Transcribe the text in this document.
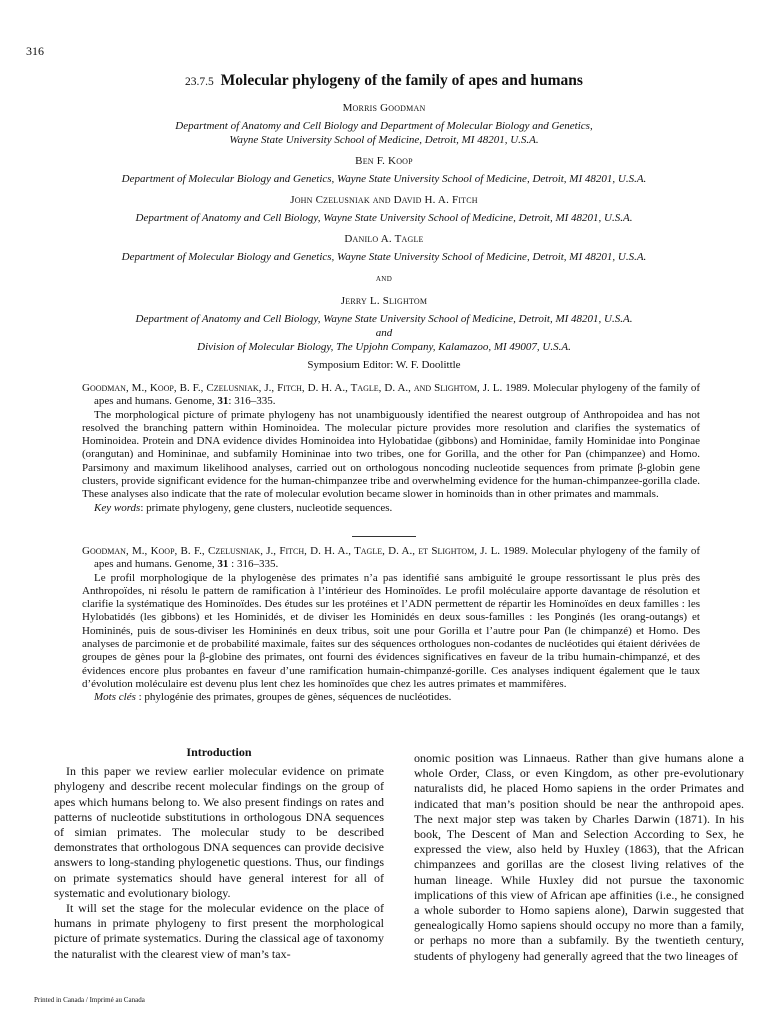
316
23.7.5 Molecular phylogeny of the family of apes and humans
Morris Goodman
Department of Anatomy and Cell Biology and Department of Molecular Biology and Genetics,
Wayne State University School of Medicine, Detroit, MI 48201, U.S.A.
Ben F. Koop
Department of Molecular Biology and Genetics, Wayne State University School of Medicine, Detroit, MI 48201, U.S.A.
John Czelusniak and David H. A. Fitch
Department of Anatomy and Cell Biology, Wayne State University School of Medicine, Detroit, MI 48201, U.S.A.
Danilo A. Tagle
Department of Molecular Biology and Genetics, Wayne State University School of Medicine, Detroit, MI 48201, U.S.A.
and
Jerry L. Slightom
Department of Anatomy and Cell Biology, Wayne State University School of Medicine, Detroit, MI 48201, U.S.A.
and
Division of Molecular Biology, The Upjohn Company, Kalamazoo, MI 49007, U.S.A.
Symposium Editor: W. F. Doolittle

Goodman, M., Koop, B. F., Czelusniak, J., Fitch, D. H. A., Tagle, D. A., and Slightom, J. L. 1989. Molecular phylogeny of the family of apes and humans. Genome, 31: 316–335.

The morphological picture of primate phylogeny has not unambiguously identified the nearest outgroup of Anthropoidea and has not resolved the branching pattern within Hominoidea. The molecular picture provides more resolution and clarifies the systematics of Hominoidea. Protein and DNA evidence divides Hominoidea into Hylobatidae (gibbons) and Hominidae, family Hominidae into Ponginae (orangutan) and Homininae, and subfamily Homininae into two tribes, one for Gorilla, and the other for Pan (chimpanzee) and Homo. Parsimony and maximum likelihood analyses, carried out on orthologous noncoding nucleotide sequences from primate β-globin gene clusters, provide significant evidence for the human-chimpanzee tribe and overwhelming evidence for the human-chimpanzee-gorilla clade. These analyses also indicate that the rate of molecular evolution became slower in hominoids than in other primates and mammals.

Key words: primate phylogeny, gene clusters, nucleotide sequences.

Goodman, M., Koop, B. F., Czelusniak, J., Fitch, D. H. A., Tagle, D. A., et Slightom, J. L. 1989. Molecular phylogeny of the family of apes and humans. Genome, 31 : 316–335.

Le profil morphologique de la phylogenèse des primates n’a pas identifié sans ambiguité le groupe ressortissant le plus près des Anthropoïdes, ni résolu le pattern de ramification à l’intérieur des Hominoïdes. Le profil moléculaire apporte davantage de résolution et clarifie la systématique des Hominoïdes. Des études sur les protéines et l’ADN permettent de répartir les Hominoïdes en deux familles : les Hylobatidés (les gibbons) et les Hominidés, et de diviser les Hominidés en deux sous-familles : les Ponginés (les orang-outangs) et Homininés, puis de sous-diviser les Homininés en deux tribus, soit une pour Gorilla et l’autre pour Pan (le chimpanzé) et Homo. Des analyses de parcimonie et de probabilité maximale, faites sur des séquences orthologues non-codantes de nucléotides qui étaient dérivées de groupes de gènes pour la β-globine des primates, ont fourni des évidences significatives en faveur de la tribu humain-chimpanzé, et des évidences encore plus probantes en faveur d’une ramification humain-chimpanzé-gorille. Ces analyses indiquent également que le taux d’évolution moléculaire est devenu plus lent chez les hominoïdes que chez les autres primates et mammifères.

Mots clés : phylogénie des primates, groupes de gènes, séquences de nucléotides.

Introduction

In this paper we review earlier molecular evidence on primate phylogeny and describe recent molecular findings on the group of apes which humans belong to. We also present findings on rates and patterns of nucleotide substitutions in orthologous DNA sequences of simian primates. The molecular study to be described demonstrates that orthologous DNA sequences can provide decisive answers to long-standing phylogenetic questions. Thus, our findings on primate systematics should have general interest for all of systematic and evolutionary biology.

It will set the stage for the molecular evidence on the place of humans in primate phylogeny to first present the morphological picture of primate systematics. During the classical age of taxonomy the naturalist with the clearest view of man’s tax-

onomic position was Linnaeus. Rather than give humans alone a whole Order, Class, or even Kingdom, as other pre-evolutionary naturalists did, he placed Homo sapiens in the order Primates and indicated that man’s position should be near the anthropoid apes. The next major step was taken by Charles Darwin (1871). In his book, The Descent of Man and Selection According to Sex, he expressed the view, also held by Huxley (1863), that the African chimpanzees and gorillas are the closest living relatives of the human lineage. While Huxley did not pursue the taxonomic implications of this view of African ape affinities (i.e., he consigned a whole suborder to Homo sapiens alone), Darwin suggested that genealogically Homo sapiens should occupy no more than a family, or perhaps no more than a subfamily. By the twentieth century, students of phylogeny had generally agreed that the two lineages of

Printed in Canada / Imprimé au Canada
